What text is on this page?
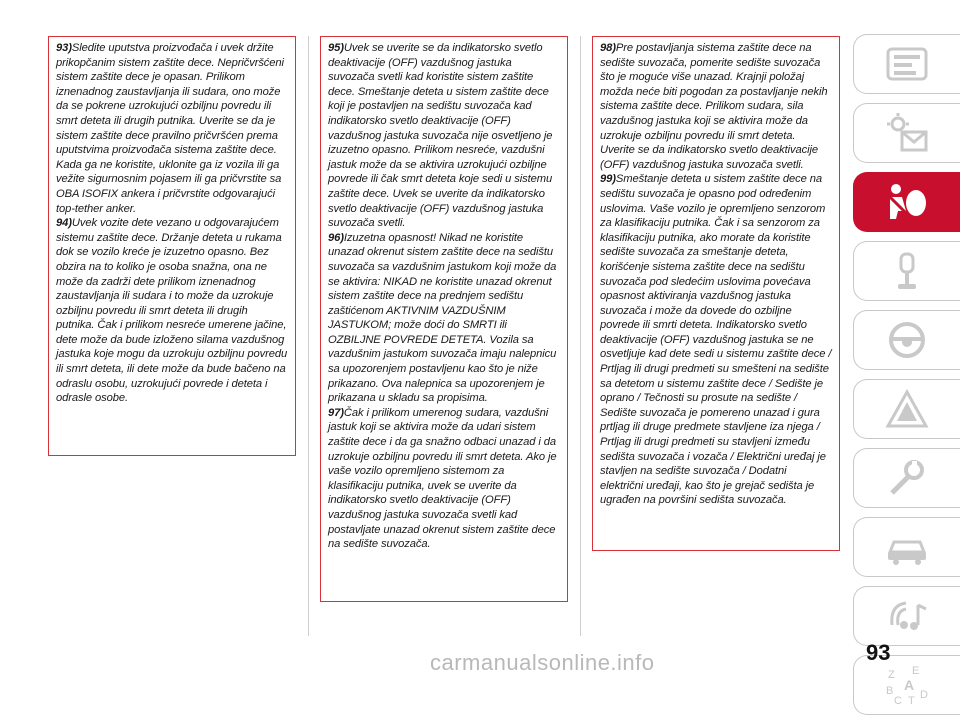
93)Sledite uputstva proizvođača i uvek držite prikopčanim sistem zaštite dece. Nepričvršćeni sistem zaštite dece je opasan. Prilikom iznenadnog zaustavljanja ili sudara, ono može da se pokrene uzrokujući ozbiljnu povredu ili smrt deteta ili drugih putnika. Uverite se da je sistem zaštite dece pravilno pričvršćen prema uputstvima proizvođača sistema zaštite dece. Kada ga ne koristite, uklonite ga iz vozila ili ga vežite sigurnosnim pojasem ili ga pričvrstite sa OBA ISOFIX ankera i pričvrstite odgovarajući top-tether anker.

94)Uvek vozite dete vezano u odgovarajućem sistemu zaštite dece. Držanje deteta u rukama dok se vozilo kreće je izuzetno opasno. Bez obzira na to koliko je osoba snažna, ona ne može da zadrži dete prilikom iznenadnog zaustavljanja ili sudara i to može da uzrokuje ozbiljnu povredu ili smrt deteta ili drugih putnika. Čak i prilikom nesreće umerene jačine, dete može da bude izloženo silama vazdušnog jastuka koje mogu da uzrokuju ozbiljnu povredu ili smrt deteta, ili dete može da bude bačeno na odraslu osobu, uzrokujući povrede i deteta i odrasle osobe.

95)Uvek se uverite se da indikatorsko svetlo deaktivacije (OFF) vazdušnog jastuka suvozača svetli kad koristite sistem zaštite dece. Smeštanje deteta u sistem zaštite dece koji je postavljen na sedištu suvozača kad indikatorsko svetlo deaktivacije (OFF) vazdušnog jastuka suvozača nije osvetljeno je izuzetno opasno. Prilikom nesreće, vazdušni jastuk može da se aktivira uzrokujući ozbiljne povrede ili čak smrt deteta koje sedi u sistemu zaštite dece. Uvek se uverite da indikatorsko svetlo deaktivacije (OFF) vazdušnog jastuka suvozača svetli.

96)Izuzetna opasnost! Nikad ne koristite unazad okrenut sistem zaštite dece na sedištu suvozača sa vazdušnim jastukom koji može da se aktivira: NIKAD ne koristite unazad okrenut sistem zaštite dece na prednjem sedištu zaštićenom AKTIVNIM VAZDUŠNIM JASTUKOM; može doći do SMRTI ili OZBILJNE POVREDE DETETA. Vozila sa vazdušnim jastukom suvozača imaju nalepnicu sa upozorenjem postavljenu kao što je niže prikazano. Ova nalepnica sa upozorenjem je prikazana u skladu sa propisima.

97)Čak i prilikom umerenog sudara, vazdušni jastuk koji se aktivira može da udari sistem zaštite dece i da ga snažno odbaci unazad i da uzrokuje ozbiljnu povredu ili smrt deteta. Ako je vaše vozilo opremljeno sistemom za klasifikaciju putnika, uvek se uverite da indikatorsko svetlo deaktivacije (OFF) vazdušnog jastuka suvozača svetli kad postavljate unazad okrenut sistem zaštite dece na sedište suvozača.

98)Pre postavljanja sistema zaštite dece na sedište suvozača, pomerite sedište suvozača što je moguće više unazad. Krajnji položaj možda neće biti pogodan za postavljanje nekih sistema zaštite dece. Prilikom sudara, sila vazdušnog jastuka koji se aktivira može da uzrokuje ozbiljnu povredu ili smrt deteta. Uverite se da indikatorsko svetlo deaktivacije (OFF) vazdušnog jastuka suvozača svetli.

99)Smeštanje deteta u sistem zaštite dece na sedištu suvozača je opasno pod određenim uslovima. Vaše vozilo je opremljeno senzorom za klasifikaciju putnika. Čak i sa senzorom za klasifikaciju putnika, ako morate da koristite sedište suvozača za smeštanje deteta, korišćenje sistema zaštite dece na sedištu suvozača pod sledećim uslovima povećava opasnost aktiviranja vazdušnog jastuka suvozača i može da dovede do ozbiljne povrede ili smrti deteta. Indikatorsko svetlo deaktivacije (OFF) vazdušnog jastuka se ne osvetljuje kad dete sedi u sistemu zaštite dece / Prtljag ili drugi predmeti su smešteni na sedište sa detetom u sistemu zaštite dece / Sedište je oprano / Tečnosti su prosute na sedište / Sedište suvozača je pomereno unazad i gura prtljag ili druge predmete stavljene iza njega / Prtljag ili drugi predmeti su stavljeni između sedišta suvozača i vozača / Električni uređaj je stavljen na sedište suvozača / Dodatni električni uređaji, kao što je grejač sedišta je ugrađen na površini sedišta suvozača.

Z E
B A
C T D
93
carmanualsonline.info
